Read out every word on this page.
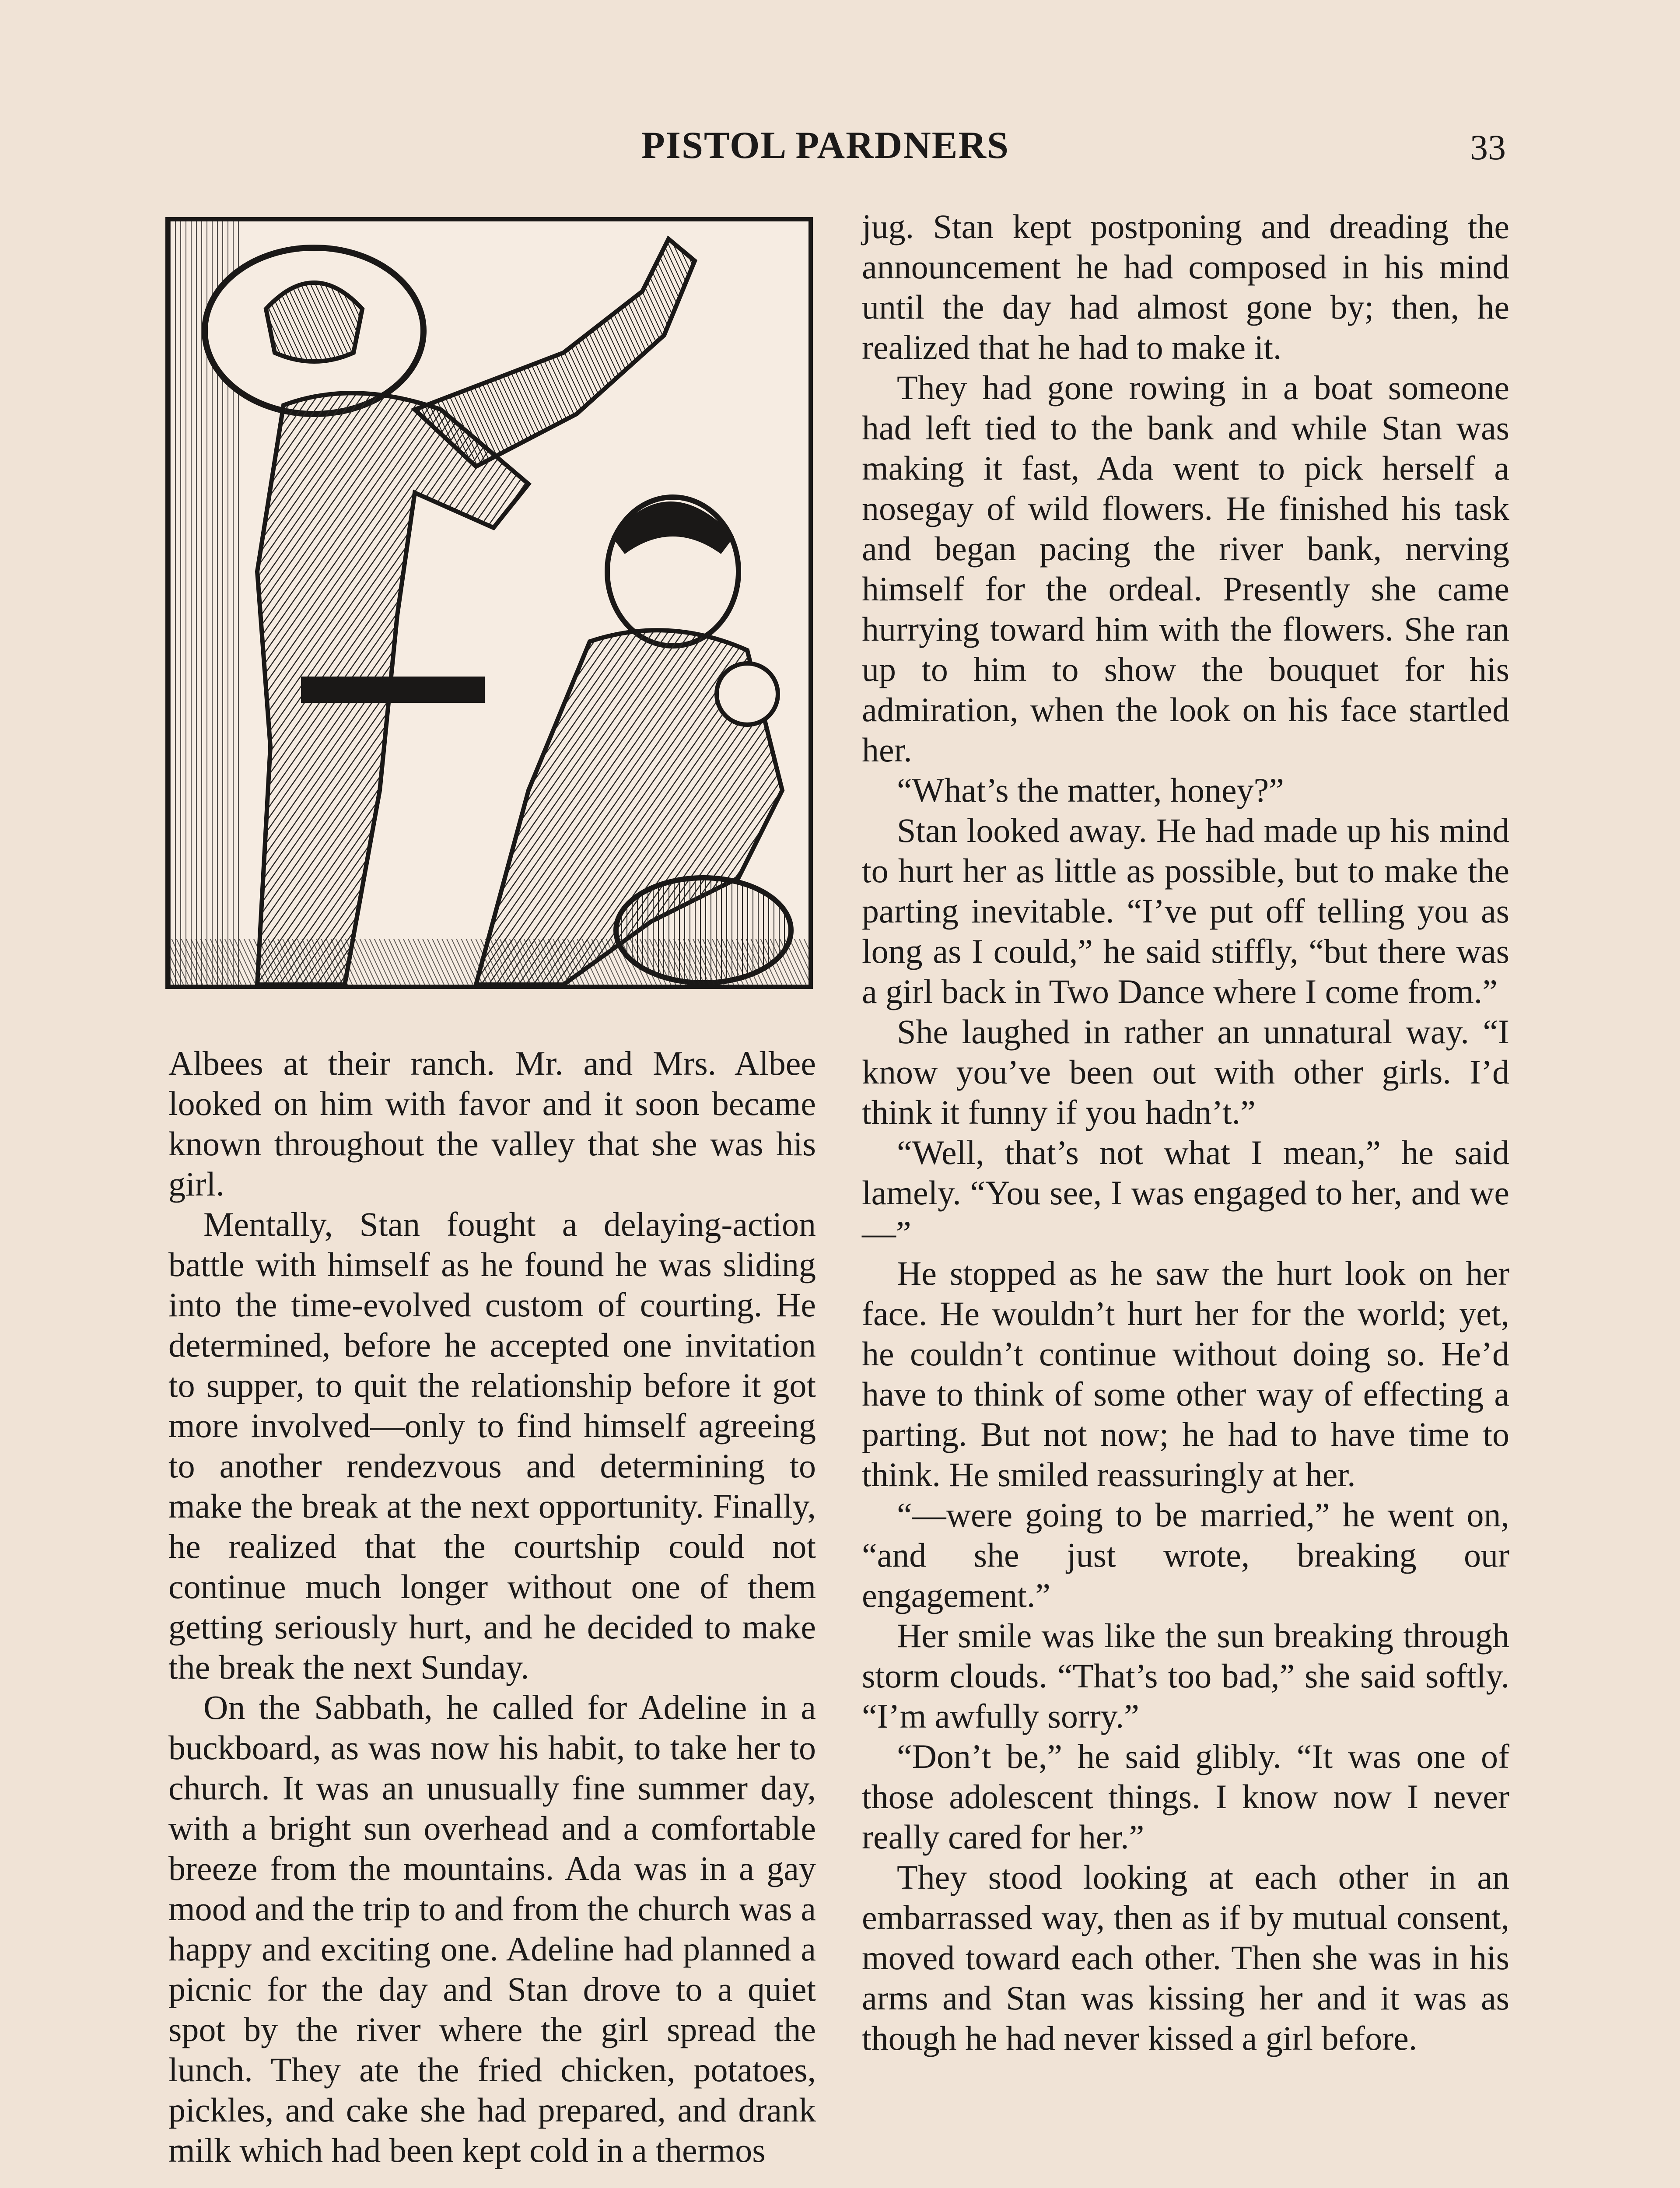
PISTOL PARDNERS	33

Albees at their ranch. Mr. and Mrs. Albee looked on him with favor and it soon became known throughout the valley that she was his girl.

Mentally, Stan fought a delaying-action battle with himself as he found he was sliding into the time-evolved custom of courting. He determined, before he accepted one invitation to supper, to quit the relationship before it got more involved—only to find himself agreeing to another rendezvous and determining to make the break at the next opportunity. Finally, he realized that the courtship could not continue much longer without one of them getting seriously hurt, and he decided to make the break the next Sunday.

On the Sabbath, he called for Adeline in a buckboard, as was now his habit, to take her to church. It was an unusually fine summer day, with a bright sun overhead and a comfortable breeze from the mountains. Ada was in a gay mood and the trip to and from the church was a happy and exciting one. Adeline had planned a picnic for the day and Stan drove to a quiet spot by the river where the girl spread the lunch. They ate the fried chicken, potatoes, pickles, and cake she had prepared, and drank milk which had been kept cold in a thermos

jug. Stan kept postponing and dreading the announcement he had composed in his mind until the day had almost gone by; then, he realized that he had to make it.

They had gone rowing in a boat someone had left tied to the bank and while Stan was making it fast, Ada went to pick herself a nosegay of wild flowers. He finished his task and began pacing the river bank, nerving himself for the ordeal. Presently she came hurrying toward him with the flowers. She ran up to him to show the bouquet for his admiration, when the look on his face startled her.

“What’s the matter, honey?”

Stan looked away. He had made up his mind to hurt her as little as possible, but to make the parting inevitable. “I’ve put off telling you as long as I could,” he said stiffly, “but there was a girl back in Two Dance where I come from.”

She laughed in rather an unnatural way. “I know you’ve been out with other girls. I’d think it funny if you hadn’t.”

“Well, that’s not what I mean,” he said lamely. “You see, I was engaged to her, and we—”

He stopped as he saw the hurt look on her face. He wouldn’t hurt her for the world; yet, he couldn’t continue without doing so. He’d have to think of some other way of effecting a parting. But not now; he had to have time to think. He smiled reassuringly at her.

“—were going to be married,” he went on, “and she just wrote, breaking our engagement.”

Her smile was like the sun breaking through storm clouds. “That’s too bad,” she said softly. “I’m awfully sorry.”

“Don’t be,” he said glibly. “It was one of those adolescent things. I know now I never really cared for her.”

They stood looking at each other in an embarrassed way, then as if by mutual consent, moved toward each other. Then she was in his arms and Stan was kissing her and it was as though he had never kissed a girl before.
